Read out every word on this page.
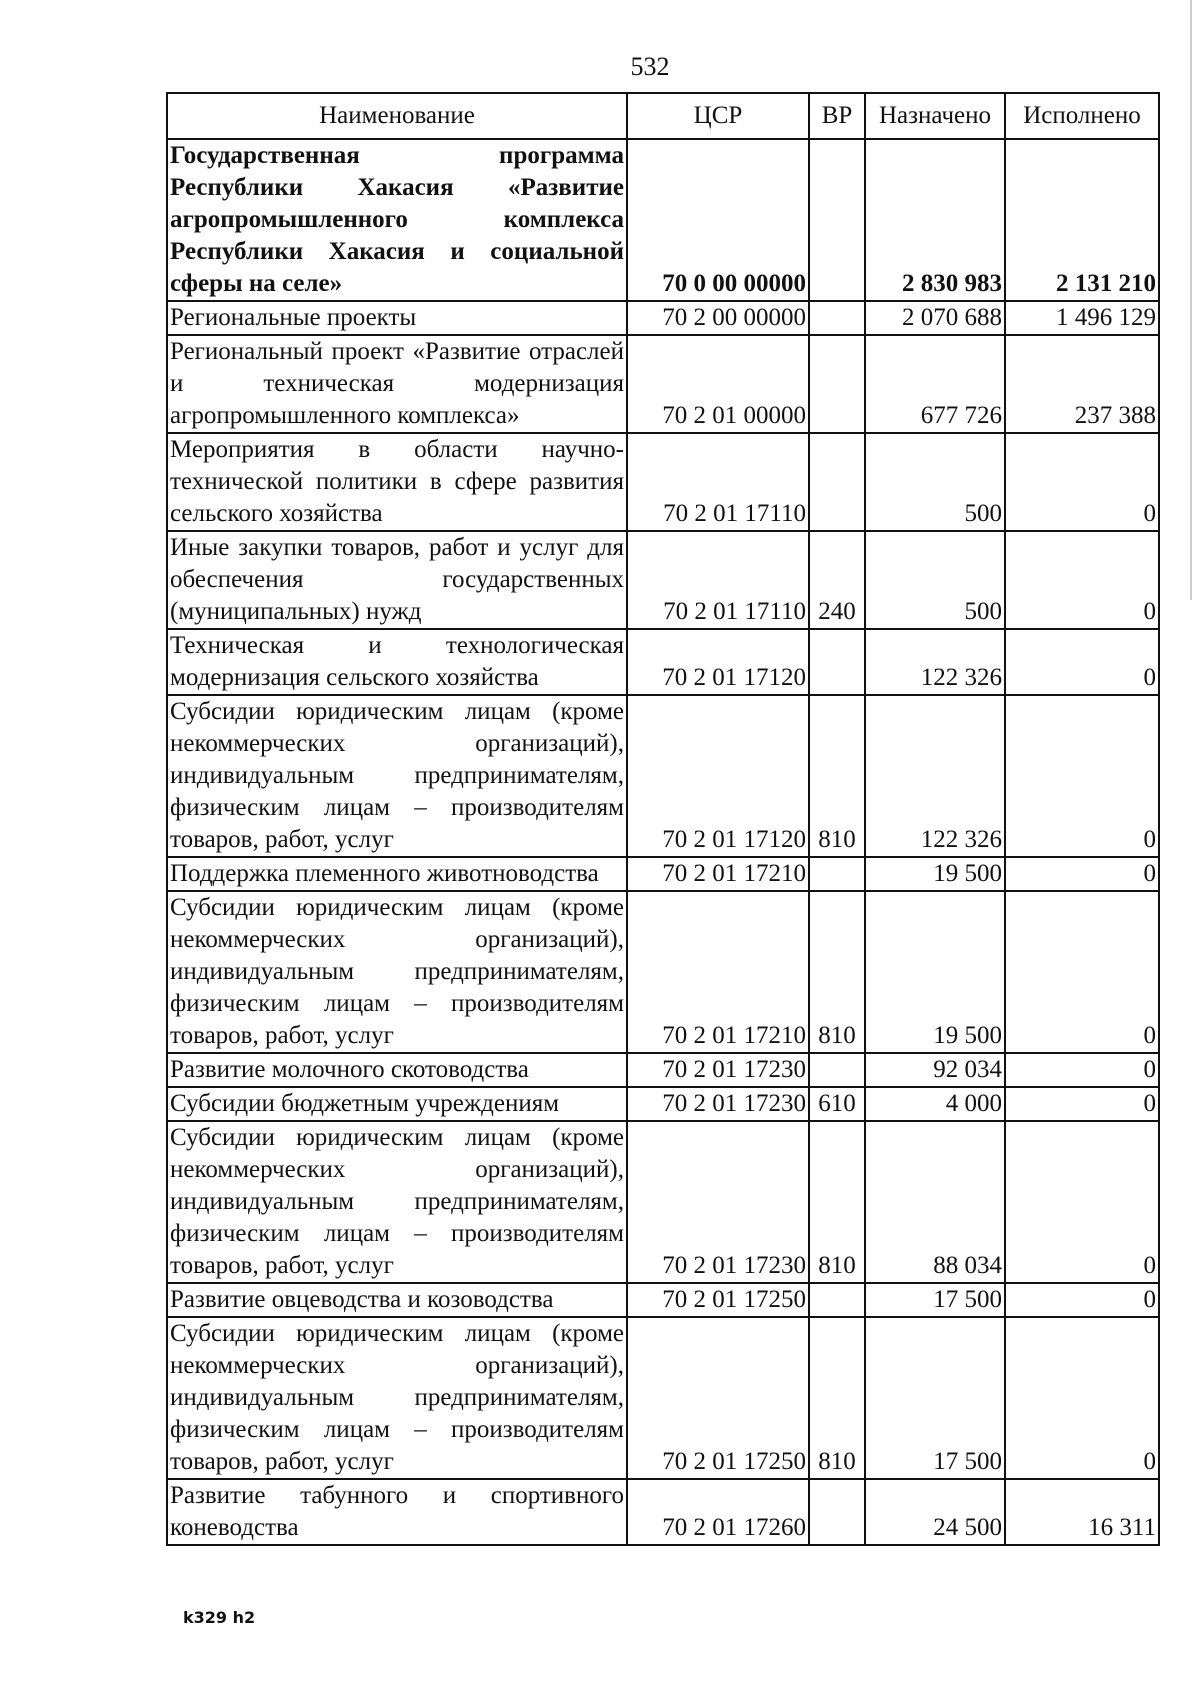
532
Наименование	ЦСР	ВР	Назначено	Исполнено
Государственная программа Республики Хакасия «Развитие агропромышленного комплекса Республики Хакасия и социальной сферы на селе»	70 0 00 00000		2 830 983	2 131 210
Региональные проекты	70 2 00 00000		2 070 688	1 496 129
Региональный проект «Развитие отраслей и техническая модернизация агропромышленного комплекса»	70 2 01 00000		677 726	237 388
Мероприятия в области научно-технической политики в сфере развития сельского хозяйства	70 2 01 17110		500	0
Иные закупки товаров, работ и услуг для обеспечения государственных (муниципальных) нужд	70 2 01 17110	240	500	0
Техническая и технологическая модернизация сельского хозяйства	70 2 01 17120		122 326	0
Субсидии юридическим лицам (кроме некоммерческих организаций), индивидуальным предпринимателям, физическим лицам – производителям товаров, работ, услуг	70 2 01 17120	810	122 326	0
Поддержка племенного животноводства	70 2 01 17210		19 500	0
Субсидии юридическим лицам (кроме некоммерческих организаций), индивидуальным предпринимателям, физическим лицам – производителям товаров, работ, услуг	70 2 01 17210	810	19 500	0
Развитие молочного скотоводства	70 2 01 17230		92 034	0
Субсидии бюджетным учреждениям	70 2 01 17230	610	4 000	0
Субсидии юридическим лицам (кроме некоммерческих организаций), индивидуальным предпринимателям, физическим лицам – производителям товаров, работ, услуг	70 2 01 17230	810	88 034	0
Развитие овцеводства и козоводства	70 2 01 17250		17 500	0
Субсидии юридическим лицам (кроме некоммерческих организаций), индивидуальным предпринимателям, физическим лицам – производителям товаров, работ, услуг	70 2 01 17250	810	17 500	0
Развитие табунного и спортивного коневодства	70 2 01 17260		24 500	16 311
k329 h2
